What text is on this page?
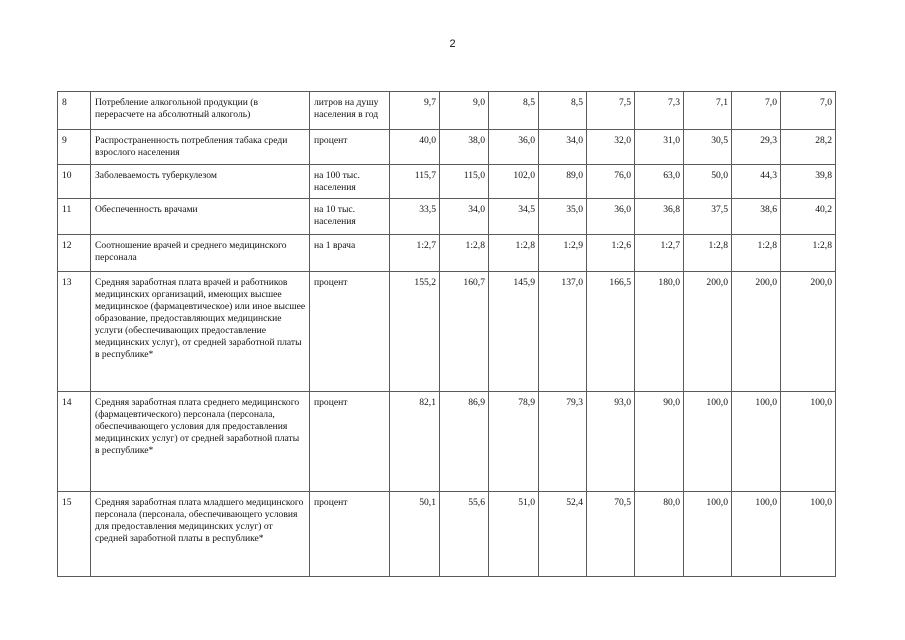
2
8	Потребление алкогольной продукции (в перерасчете на абсолютный алкоголь)	литров на душу населения в год	9,7	9,0	8,5	8,5	7,5	7,3	7,1	7,0	7,0
9	Распространенность потребления табака среди взрослого населения	процент	40,0	38,0	36,0	34,0	32,0	31,0	30,5	29,3	28,2
10	Заболеваемость туберкулезом	на 100 тыс. населения	115,7	115,0	102,0	89,0	76,0	63,0	50,0	44,3	39,8
11	Обеспеченность врачами	на 10 тыс. населения	33,5	34,0	34,5	35,0	36,0	36,8	37,5	38,6	40,2
12	Соотношение врачей и среднего медицинского персонала	на 1 врача	1:2,7	1:2,8	1:2,8	1:2,9	1:2,6	1:2,7	1:2,8	1:2,8	1:2,8
13	Средняя заработная плата врачей и работников медицинских организаций, имеющих высшее медицинское (фармацевтическое) или иное высшее образование, предоставляющих медицинские услуги (обеспечивающих предоставление медицинских услуг), от средней заработной платы в республике*	процент	155,2	160,7	145,9	137,0	166,5	180,0	200,0	200,0	200,0
14	Средняя заработная плата среднего медицинского (фармацевтического) персонала (персонала, обеспечивающего условия для предоставления медицинских услуг) от средней заработной платы в республике*	процент	82,1	86,9	78,9	79,3	93,0	90,0	100,0	100,0	100,0
15	Средняя заработная плата младшего медицинского персонала (персонала, обеспечивающего условия для предоставления медицинских услуг) от средней заработной платы в республике*	процент	50,1	55,6	51,0	52,4	70,5	80,0	100,0	100,0	100,0
